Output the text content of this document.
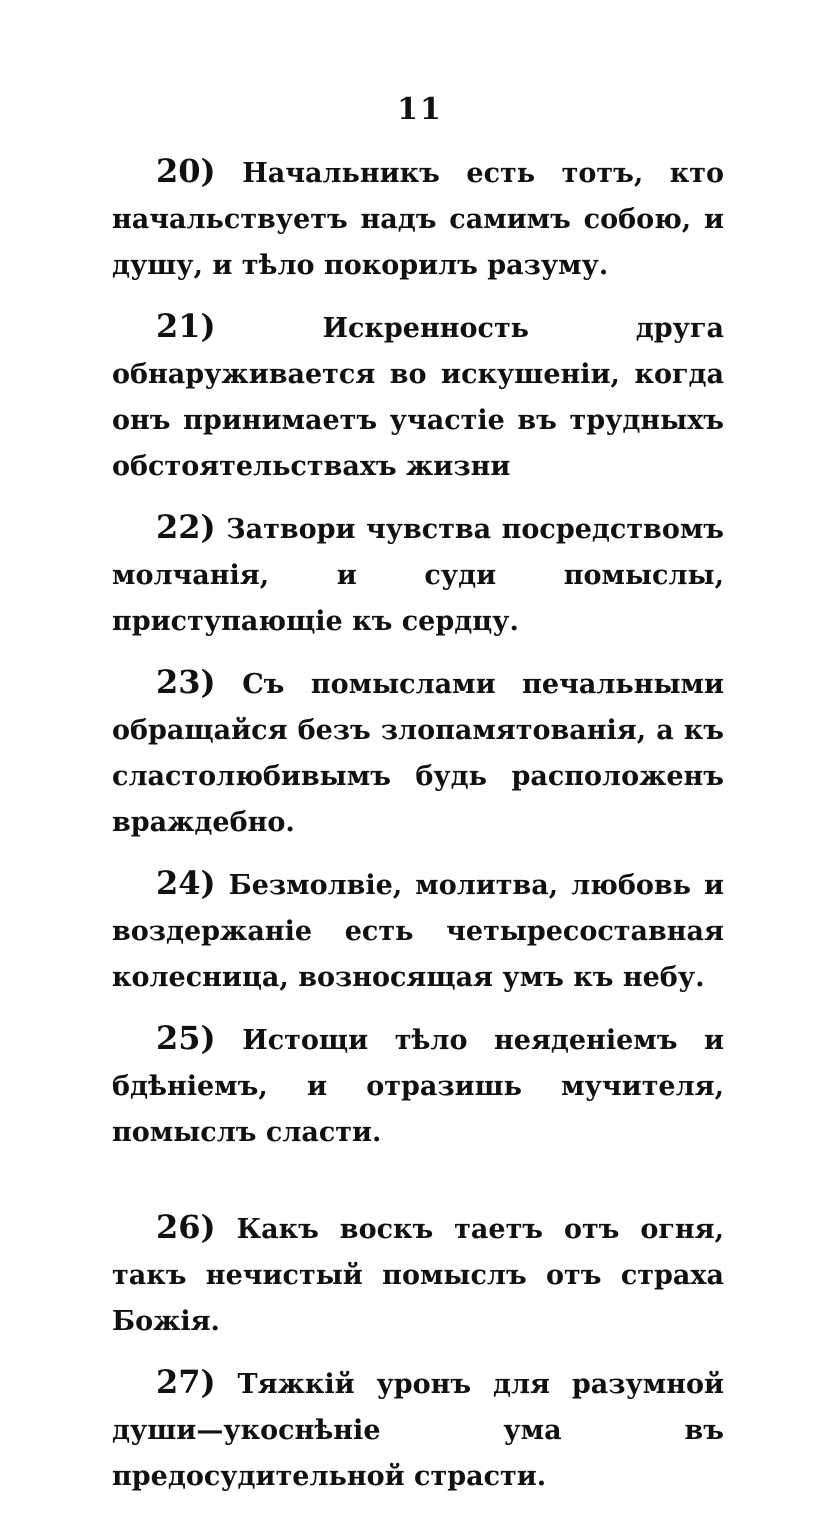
11

20) Начальникъ есть тотъ, кто начальствуетъ надъ самимъ собою, и душу, и тѣло покорилъ разуму.

21)	Искренность друга обнаруживается во искушеніи, когда онъ принимаетъ участіе въ трудныхъ обстоятельствахъ жизни

22) Затвори чувства посредствомъ молчанія, и суди помыслы, приступающіе къ сердцу.

23) Съ помыслами печальными обращайся безъ злопамятованія, а къ сластолюбивымъ будь расположенъ враждебно.

24) Безмолвіе, молитва, любовь и воздержаніе есть четыресоставная колесница, возносящая умъ къ небу.

25) Истощи тѣло неяденіемъ и бдѣніемъ, и отразишь мучителя, помыслъ сласти.

26) Какъ воскъ таетъ отъ огня, такъ нечистый помыслъ отъ страха Божія.

27) Тяжкій уронъ для разумной души—укоснѣніе ума въ предосудительной страсти.
